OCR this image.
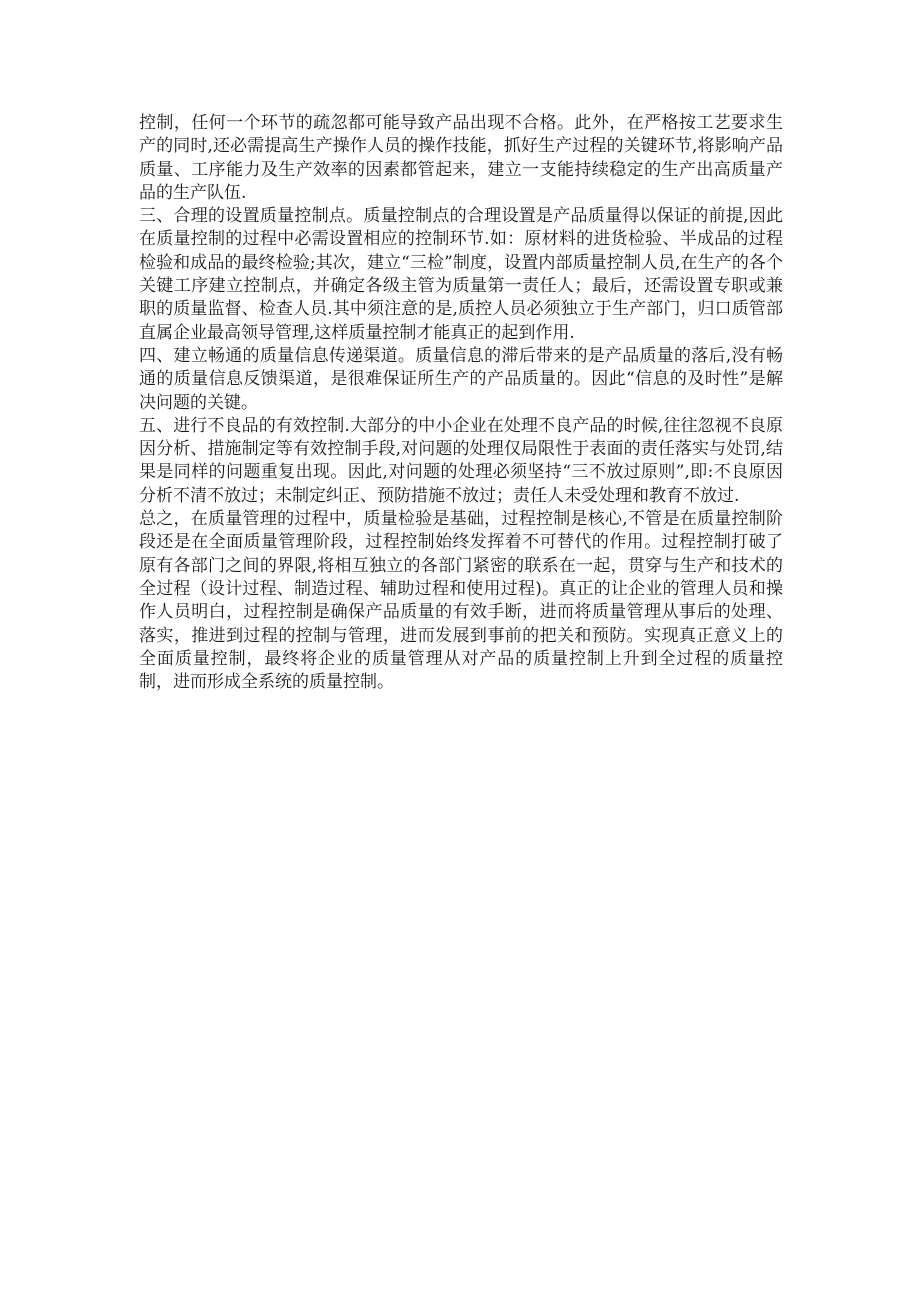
控制，任何一个环节的疏忽都可能导致产品出现不合格。此外，在严格按工艺要求生产的同时,还必需提高生产操作人员的操作技能，抓好生产过程的关键环节,将影响产品质量、工序能力及生产效率的因素都管起来，建立一支能持续稳定的生产出高质量产品的生产队伍.

三、合理的设置质量控制点。质量控制点的合理设置是产品质量得以保证的前提,因此在质量控制的过程中必需设置相应的控制环节.如：原材料的进货检验、半成品的过程检验和成品的最终检验;其次，建立“三检”制度，设置内部质量控制人员,在生产的各个关键工序建立控制点，并确定各级主管为质量第一责任人；最后，还需设置专职或兼职的质量监督、检查人员.其中须注意的是,质控人员必须独立于生产部门，归口质管部直属企业最高领导管理,这样质量控制才能真正的起到作用.

四、建立畅通的质量信息传递渠道。质量信息的滞后带来的是产品质量的落后,没有畅通的质量信息反馈渠道，是很难保证所生产的产品质量的。因此“信息的及时性”是解决问题的关键。

五、进行不良品的有效控制.大部分的中小企业在处理不良产品的时候,往往忽视不良原因分析、措施制定等有效控制手段,对问题的处理仅局限性于表面的责任落实与处罚,结果是同样的问题重复出现。因此,对问题的处理必须坚持“三不放过原则”,即:不良原因分析不清不放过；未制定纠正、预防措施不放过；责任人未受处理和教育不放过.

总之，在质量管理的过程中，质量检验是基础，过程控制是核心,不管是在质量控制阶段还是在全面质量管理阶段，过程控制始终发挥着不可替代的作用。过程控制打破了原有各部门之间的界限,将相互独立的各部门紧密的联系在一起，贯穿与生产和技术的全过程（设计过程、制造过程、辅助过程和使用过程)。真正的让企业的管理人员和操作人员明白，过程控制是确保产品质量的有效手断，进而将质量管理从事后的处理、落实，推进到过程的控制与管理，进而发展到事前的把关和预防。实现真正意义上的全面质量控制，最终将企业的质量管理从对产品的质量控制上升到全过程的质量控制，进而形成全系统的质量控制。
